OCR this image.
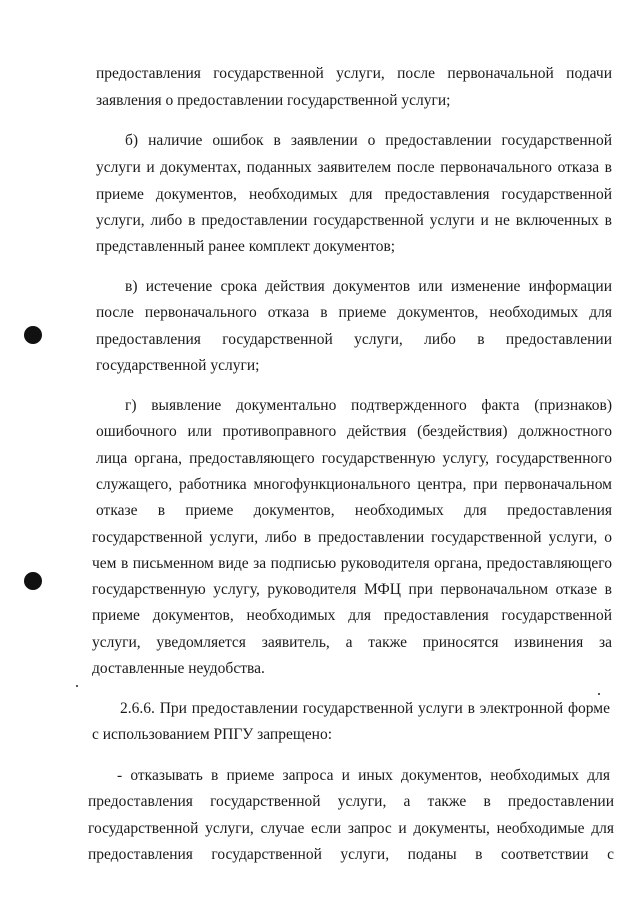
предоставления государственной услуги, после первоначальной подачи
заявления о предоставлении государственной услуги;
б) наличие ошибок в заявлении о предоставлении государственной
услуги и документах, поданных заявителем после первоначального отказа в
приеме документов, необходимых для предоставления государственной
услуги, либо в предоставлении государственной услуги и не включенных в
представленный ранее комплект документов;
в) истечение срока действия документов или изменение информации
после первоначального отказа в приеме документов, необходимых для
предоставления государственной услуги, либо в предоставлении
государственной услуги;
г) выявление документально подтвержденного факта (признаков)
ошибочного или противоправного действия (бездействия) должностного
лица органа, предоставляющего государственную услугу, государственного
служащего, работника многофункционального центра, при первоначальном
отказе в приеме документов, необходимых для предоставления
государственной услуги, либо в предоставлении государственной услуги, о
чем в письменном виде за подписью руководителя органа, предоставляющего
государственную услугу, руководителя МФЦ при первоначальном отказе в
приеме документов, необходимых для предоставления государственной
услуги, уведомляется заявитель, а также приносятся извинения за
доставленные неудобства.
2.6.6. При предоставлении государственной услуги в электронной форме
с использованием РПГУ запрещено:
- отказывать в приеме запроса и иных документов, необходимых для
предоставления государственной услуги, а также в предоставлении
государственной услуги, случае если запрос и документы, необходимые для
предоставления государственной услуги, поданы в соответствии с
